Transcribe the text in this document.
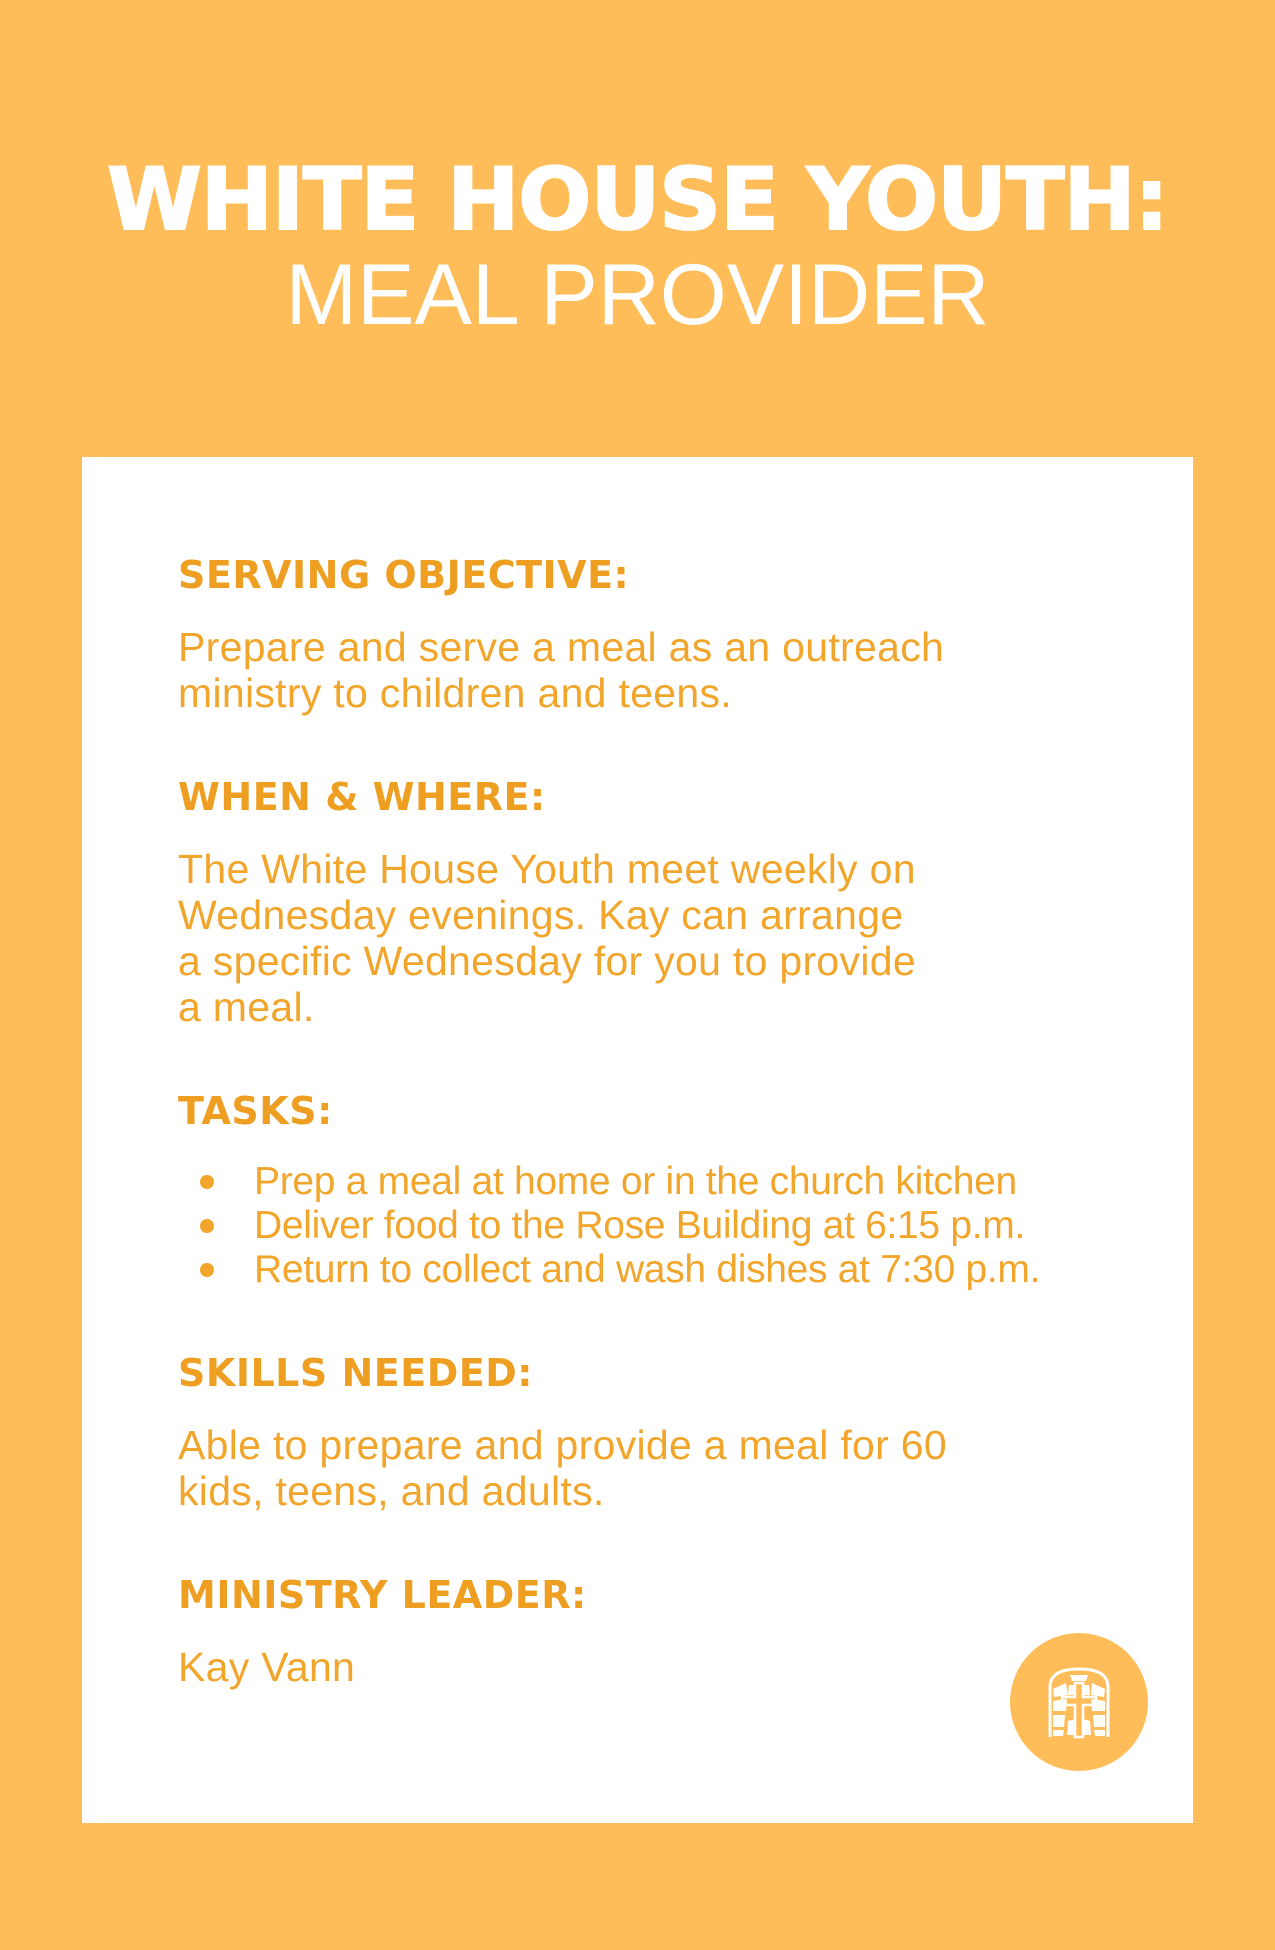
WHITE HOUSE YOUTH:
MEAL PROVIDER

SERVING OBJECTIVE:

Prepare and serve a meal as an outreach

ministry to children and teens.

WHEN & WHERE:

The White House Youth meet weekly on

Wednesday evenings. Kay can arrange

a specific Wednesday for you to provide

a meal.

TASKS:

Prep a meal at home or in the church kitchen
Deliver food to the Rose Building at 6:15 p.m.
Return to collect and wash dishes at 7:30 p.m.

SKILLS NEEDED:

Able to prepare and provide a meal for 60

kids, teens, and adults.

MINISTRY LEADER:

Kay Vann
